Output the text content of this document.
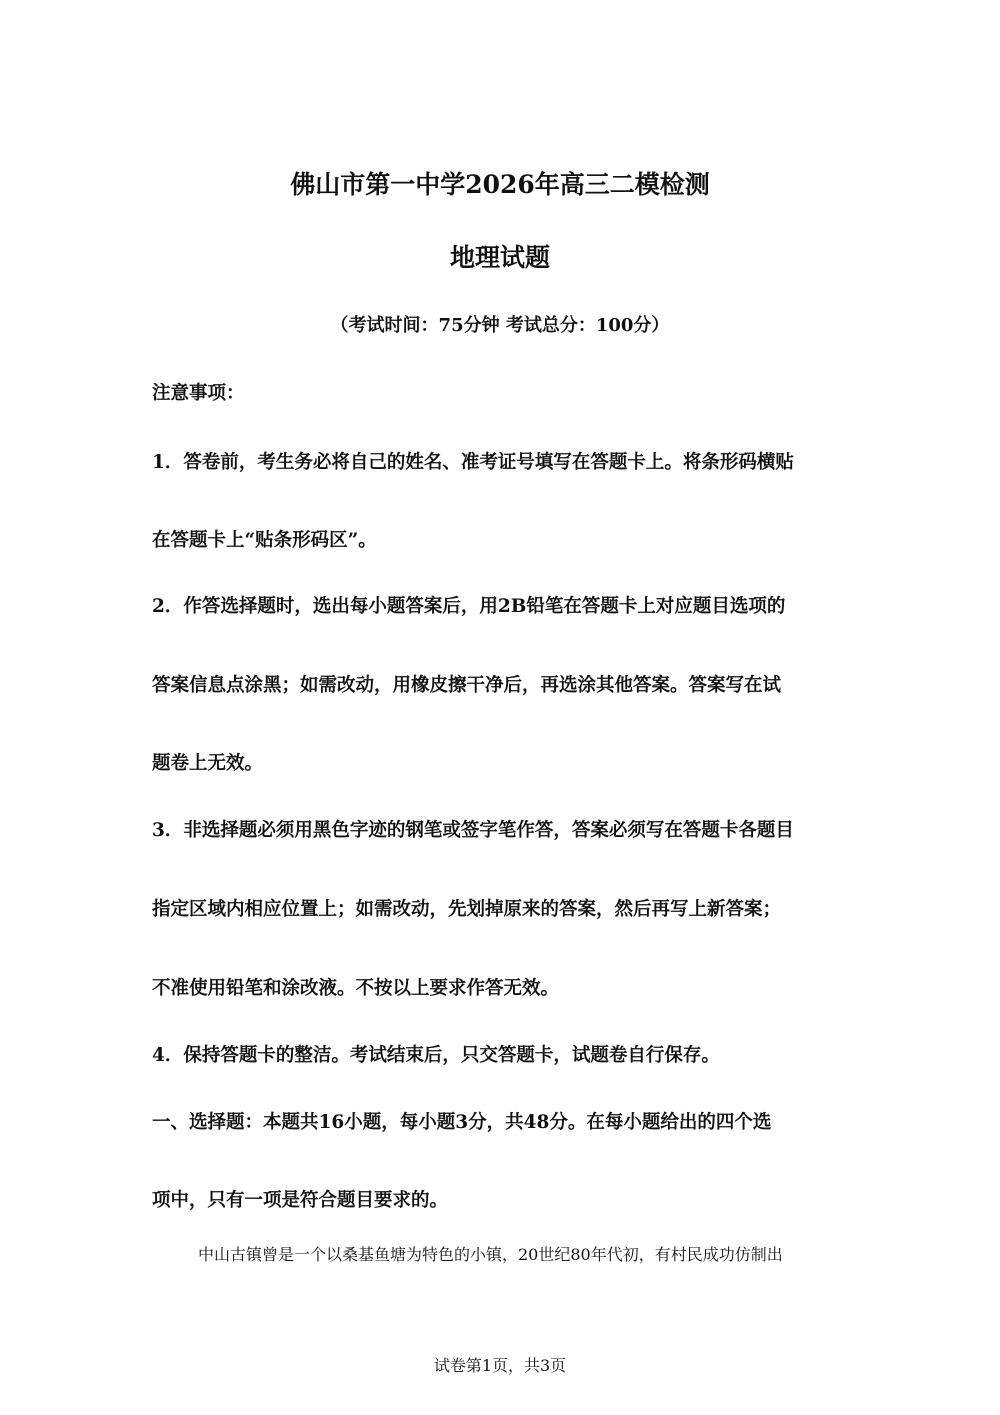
佛山市第一中学2026年高三二模检测
地理试题
（考试时间：75分钟 考试总分：100分）
注意事项：
1．答卷前，考生务必将自己的姓名、准考证号填写在答题卡上。将条形码横贴
在答题卡上“贴条形码区”。
2．作答选择题时，选出每小题答案后，用2B铅笔在答题卡上对应题目选项的
答案信息点涂黑；如需改动，用橡皮擦干净后，再选涂其他答案。答案写在试
题卷上无效。
3．非选择题必须用黑色字迹的钢笔或签字笔作答，答案必须写在答题卡各题目
指定区域内相应位置上；如需改动，先划掉原来的答案，然后再写上新答案；
不准使用铅笔和涂改液。不按以上要求作答无效。
4．保持答题卡的整洁。考试结束后，只交答题卡，试题卷自行保存。
一、选择题：本题共16小题，每小题3分，共48分。在每小题给出的四个选
项中，只有一项是符合题目要求的。
中山古镇曾是一个以桑基鱼塘为特色的小镇，20世纪80年代初，有村民成功仿制出
试卷第1页，共3页
